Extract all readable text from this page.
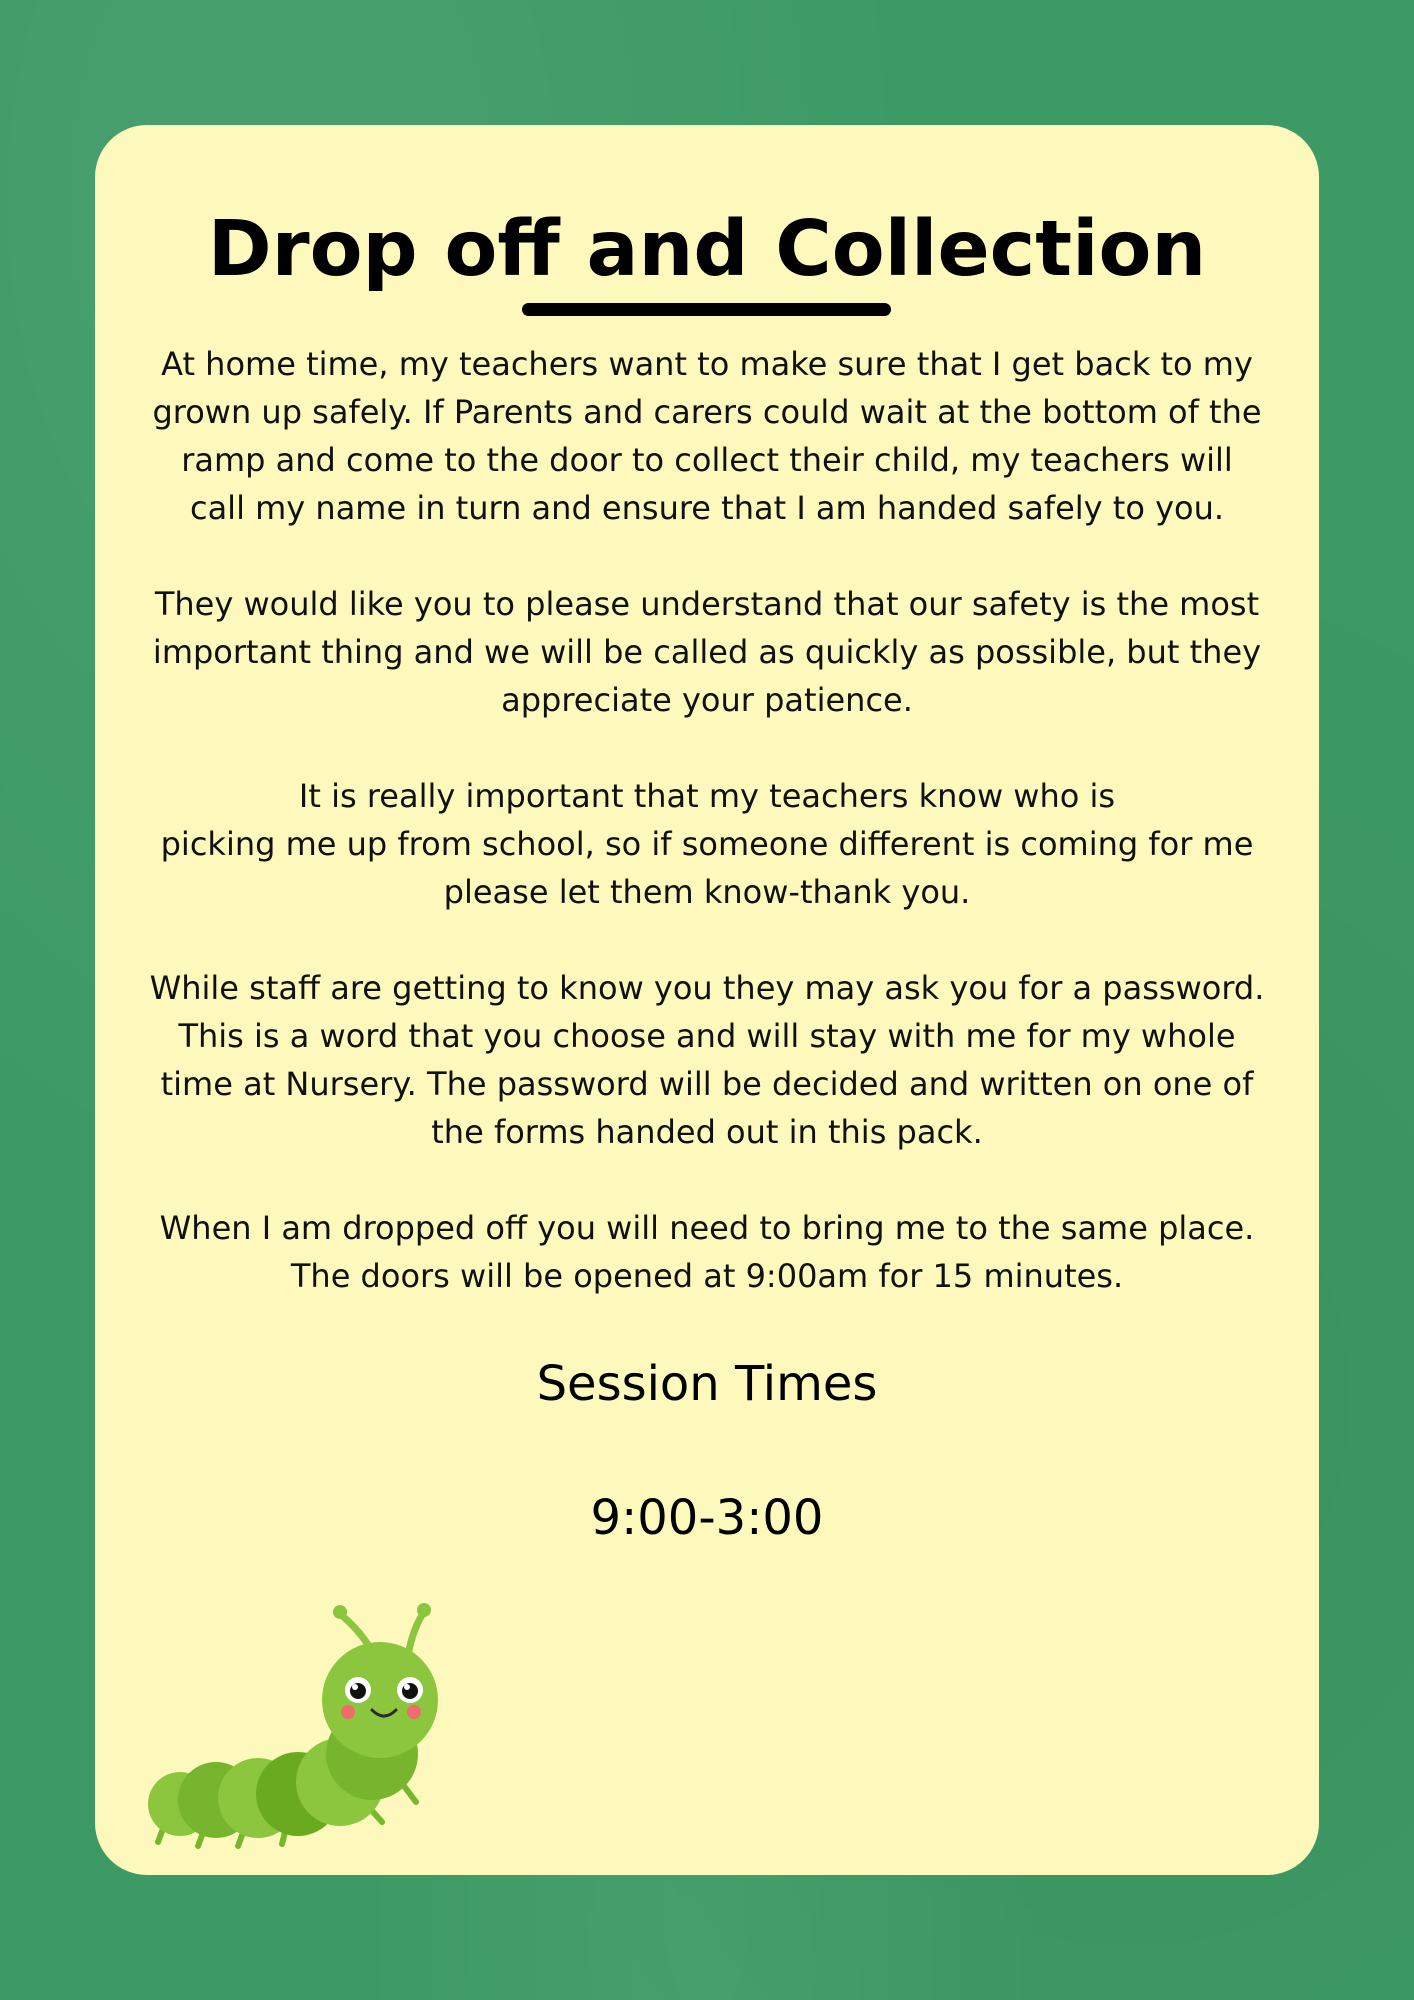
Drop off and Collection

At home time, my teachers want to make sure that I get back to my
grown up safely. If Parents and carers could wait at the bottom of the
ramp and come to the door to collect their child, my teachers will
call my name in turn and ensure that I am handed safely to you.

They would like you to please understand that our safety is the most
important thing and we will be called as quickly as possible, but they
appreciate your patience.

It is really important that my teachers know who is
picking me up from school, so if someone different is coming for me
please let them know-thank you.

While staff are getting to know you they may ask you for a password.
This is a word that you choose and will stay with me for my whole
time at Nursery. The password will be decided and written on one of
the forms handed out in this pack.

When I am dropped off you will need to bring me to the same place.
The doors will be opened at 9:00am for 15 minutes.

Session Times
9:00-3:00
